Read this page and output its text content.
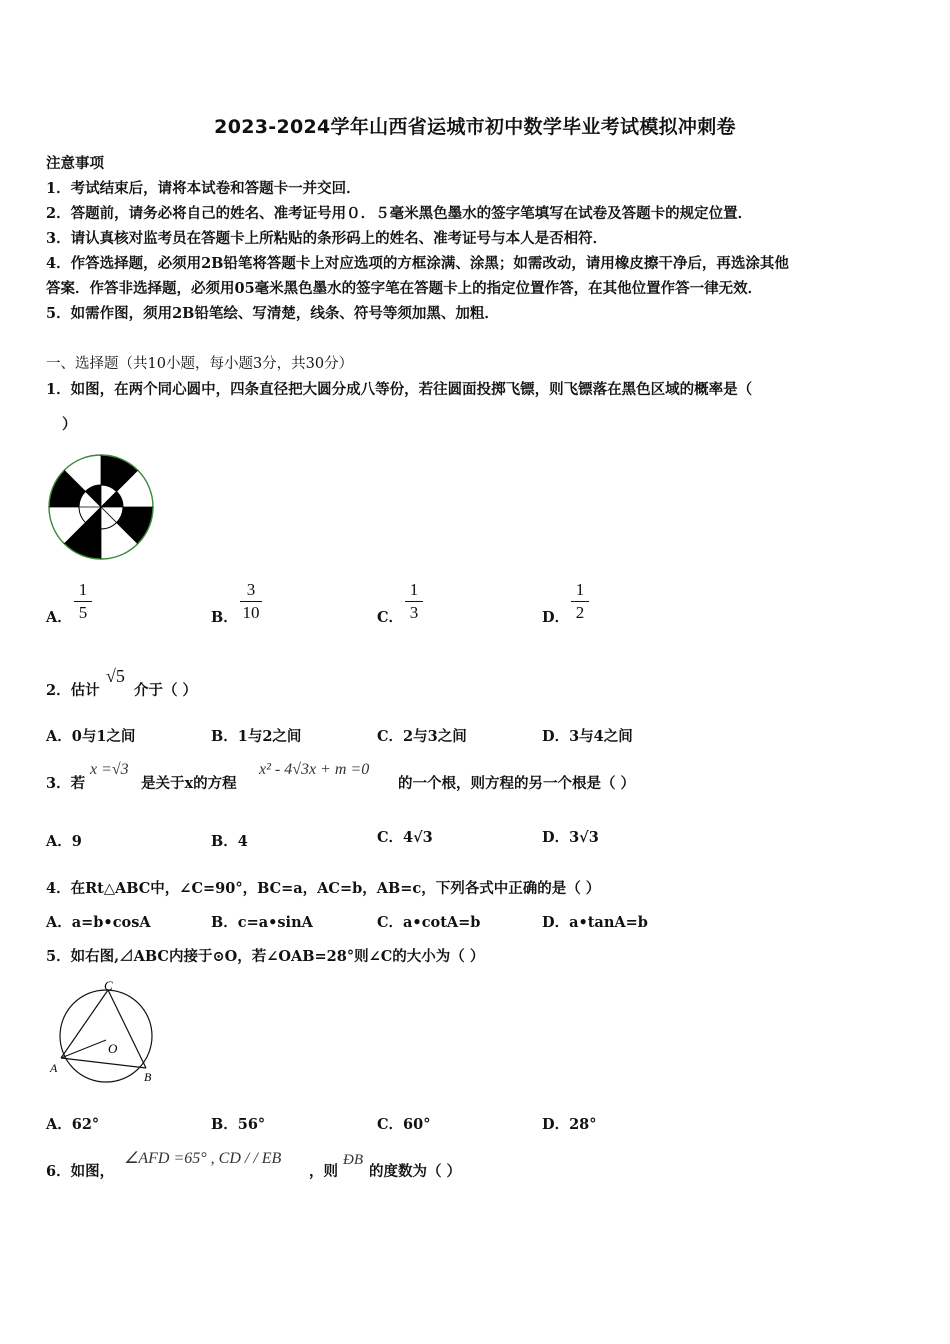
2023-2024学年山西省运城市初中数学毕业考试模拟冲刺卷
注意事项
1．考试结束后，请将本试卷和答题卡一并交回．
2．答题前，请务必将自己的姓名、准考证号用０．５毫米黑色墨水的签字笔填写在试卷及答题卡的规定位置．
3．请认真核对监考员在答题卡上所粘贴的条形码上的姓名、准考证号与本人是否相符．
4．作答选择题，必须用2B铅笔将答题卡上对应选项的方框涂满、涂黑；如需改动，请用橡皮擦干净后，再选涂其他
答案．作答非选择题，必须用05毫米黑色墨水的签字笔在答题卡上的指定位置作答，在其他位置作答一律无效．
5．如需作图，须用2B铅笔绘、写清楚，线条、符号等须加黑、加粗．
一、选择题（共10小题，每小题3分，共30分）
1．如图，在两个同心圆中，四条直径把大圆分成八等份，若往圆面投掷飞镖，则飞镖落在黑色区域的概率是（
）
A．
1
5	B．
3
10	C．
1
3	D．
1
2
2．估计
√5
介于（ ）
A．0与1之间	B．1与2之间	C．2与3之间	D．3与4之间
3．若
x =√3
是关于x的方程
x² - 4√3x + m =0
的一个根，则方程的另一个根是（ ）
A．9	B．4	C．4√3	D．3√3
4．在Rt△ABC中，∠C=90°，BC=a，AC=b，AB=c，下列各式中正确的是（ ）
A．a=b•cosA	B．c=a•sinA	C．a•cotA=b	D．a•tanA=b
5．如右图,⊿ABC内接于⊙O，若∠OAB=28°则∠C的大小为（ ）
C
O
A
B
A．62°	B．56°	C．60°	D．28°
6．如图，
∠AFD =65° , CD / / EB
，则
ÐB
的度数为（ ）
